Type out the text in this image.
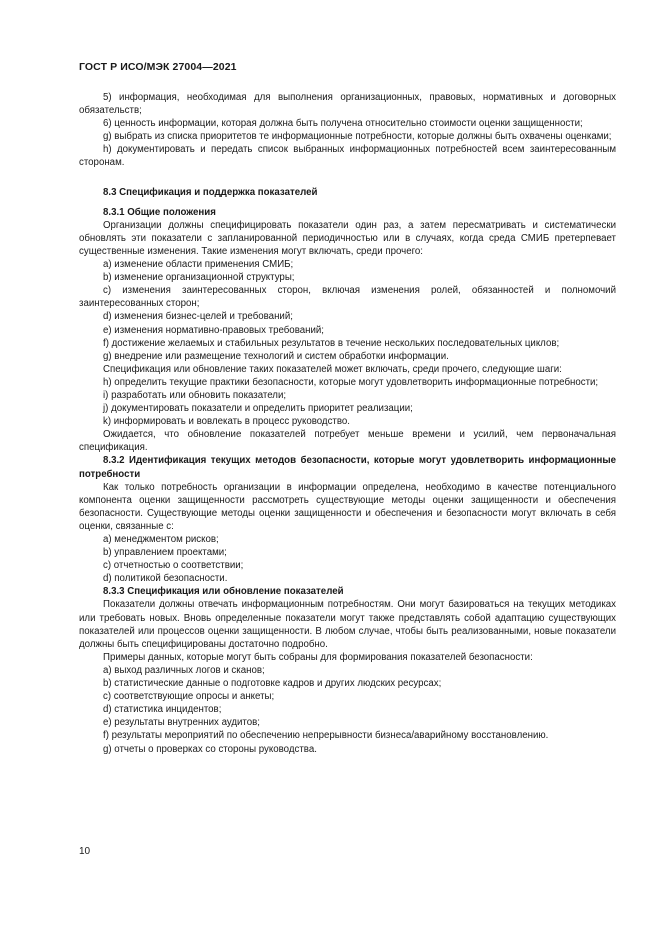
ГОСТ Р ИСО/МЭК 27004—2021

5) информация, необходимая для выполнения организационных, правовых, нормативных и договорных обязательств;

6) ценность информации, которая должна быть получена относительно стоимости оценки защищенности;

g) выбрать из списка приоритетов те информационные потребности, которые должны быть охвачены оценками;

h) документировать и передать список выбранных информационных потребностей всем заинтересованным сторонам.

8.3 Спецификация и поддержка показателей

8.3.1 Общие положения

Организации должны специфицировать показатели один раз, а затем пересматривать и систематически обновлять эти показатели с запланированной периодичностью или в случаях, когда среда СМИБ претерпевает существенные изменения. Такие изменения могут включать, среди прочего:

a) изменение области применения СМИБ;

b) изменение организационной структуры;

c) изменения заинтересованных сторон, включая изменения ролей, обязанностей и полномочий заинтересованных сторон;

d) изменения бизнес-целей и требований;

e) изменения нормативно-правовых требований;

f) достижение желаемых и стабильных результатов в течение нескольких последовательных циклов;

g) внедрение или размещение технологий и систем обработки информации.

Спецификация или обновление таких показателей может включать, среди прочего, следующие шаги:

h) определить текущие практики безопасности, которые могут удовлетворить информационные потребности;

i) разработать или обновить показатели;

j) документировать показатели и определить приоритет реализации;

k) информировать и вовлекать в процесс руководство.

Ожидается, что обновление показателей потребует меньше времени и усилий, чем первоначальная спецификация.

8.3.2 Идентификация текущих методов безопасности, которые могут удовлетворить информационные потребности

Как только потребность организации в информации определена, необходимо в качестве потенциального компонента оценки защищенности рассмотреть существующие методы оценки защищенности и обеспечения безопасности. Существующие методы оценки защищенности и обеспечения и безопасности могут включать в себя оценки, связанные с:

a) менеджментом рисков;

b) управлением проектами;

c) отчетностью о соответствии;

d) политикой безопасности.

8.3.3 Спецификация или обновление показателей

Показатели должны отвечать информационным потребностям. Они могут базироваться на текущих методиках или требовать новых. Вновь определенные показатели могут также представлять собой адаптацию существующих показателей или процессов оценки защищенности. В любом случае, чтобы быть реализованными, новые показатели должны быть специфицированы достаточно подробно.

Примеры данных, которые могут быть собраны для формирования показателей безопасности:

a) выход различных логов и сканов;

b) статистические данные о подготовке кадров и других людских ресурсах;

c) соответствующие опросы и анкеты;

d) статистика инцидентов;

e) результаты внутренних аудитов;

f) результаты мероприятий по обеспечению непрерывности бизнеса/аварийному восстановлению.

g) отчеты о проверках со стороны руководства.

10
